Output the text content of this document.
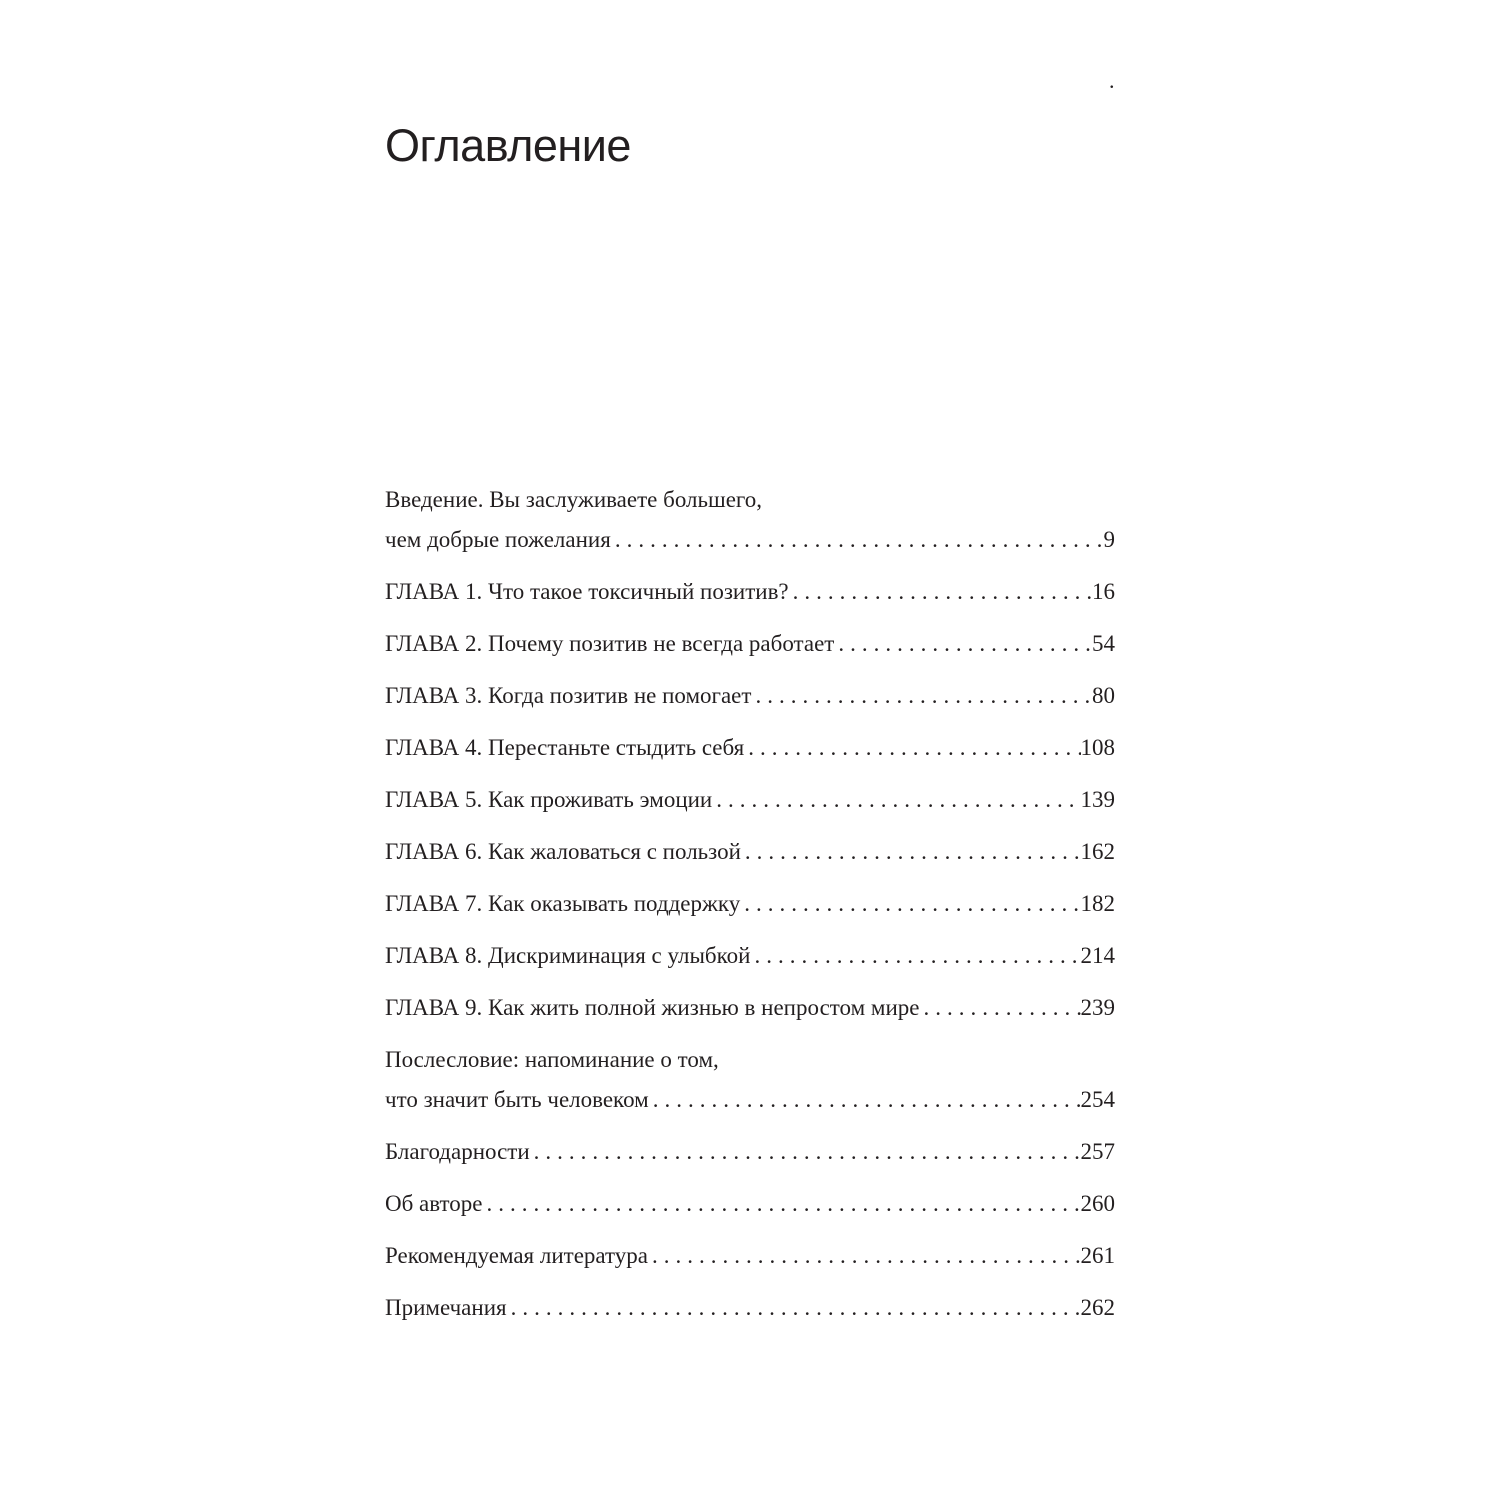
.
Оглавление
Введение. Вы заслуживаете большего,
чем добрые пожелания .....	9
ГЛАВА 1. Что такое токсичный позитив? .....	16
ГЛАВА 2. Почему позитив не всегда работает .....	54
ГЛАВА 3. Когда позитив не помогает .....	80
ГЛАВА 4. Перестаньте стыдить себя .....	108
ГЛАВА 5. Как проживать эмоции .....	139
ГЛАВА 6. Как жаловаться с пользой .....	162
ГЛАВА 7. Как оказывать поддержку .....	182
ГЛАВА 8. Дискриминация с улыбкой .....	214
ГЛАВА 9. Как жить полной жизнью в непростом мире .....	239
Послесловие: напоминание о том,
что значит быть человеком .....	254
Благодарности .....	257
Об авторе .....	260
Рекомендуемая литература .....	261
Примечания .....	262
